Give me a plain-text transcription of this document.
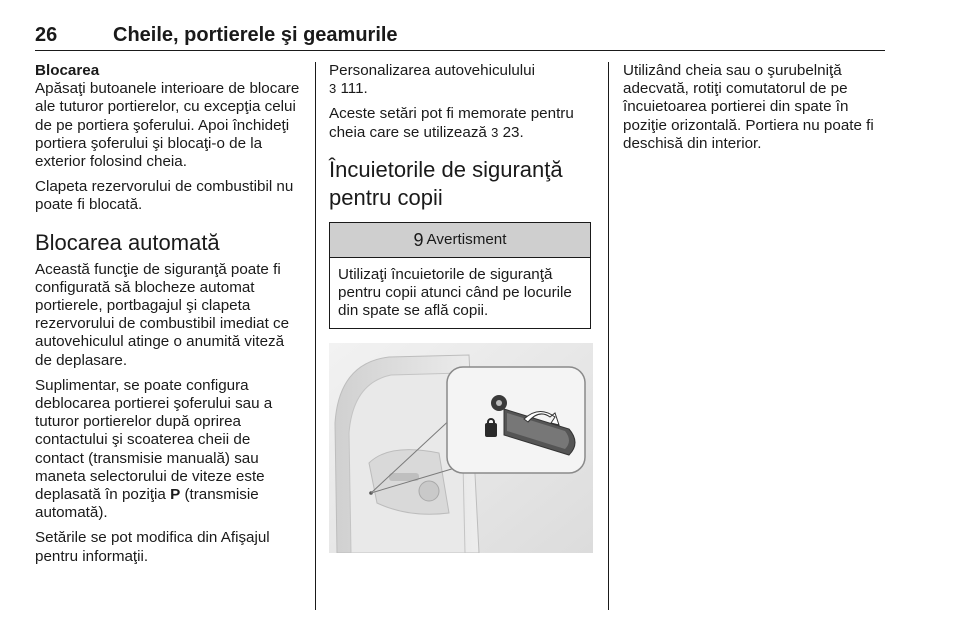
26	Cheile, portierele şi geamurile

Blocarea

Apăsaţi butoanele interioare de blocare ale tuturor portierelor, cu excepţia celui de pe portiera şoferului. Apoi închideţi portiera şoferului şi blocaţi-o de la exterior folosind cheia.

Clapeta rezervorului de combustibil nu poate fi blocată.

Blocarea automată

Această funcţie de siguranţă poate fi configurată să blocheze automat portierele, portbagajul şi clapeta rezervorului de combustibil imediat ce autovehiculul atinge o anumită viteză de deplasare.

Suplimentar, se poate configura deblocarea portierei şoferului sau a tuturor portierelor după oprirea contactului şi scoaterea cheii de contact (transmisie manuală) sau maneta selectorului de viteze este deplasată în poziţia P (transmisie automată).

Setările se pot modifica din Afişajul pentru informaţii.

Personalizarea autovehiculului
3 111.

Aceste setări pot fi memorate pentru cheia care se utilizează 3 23.

Încuietorile de siguranţă pentru copii
9 Avertisment
Utilizaţi încuietorile de siguranţă pentru copii atunci când pe locurile din spate se află copii.

Utilizând cheia sau o şurubelniţă adecvată, rotiţi comutatorul de pe încuietoarea portierei din spate în poziţie orizontală. Portiera nu poate fi deschisă din interior.
